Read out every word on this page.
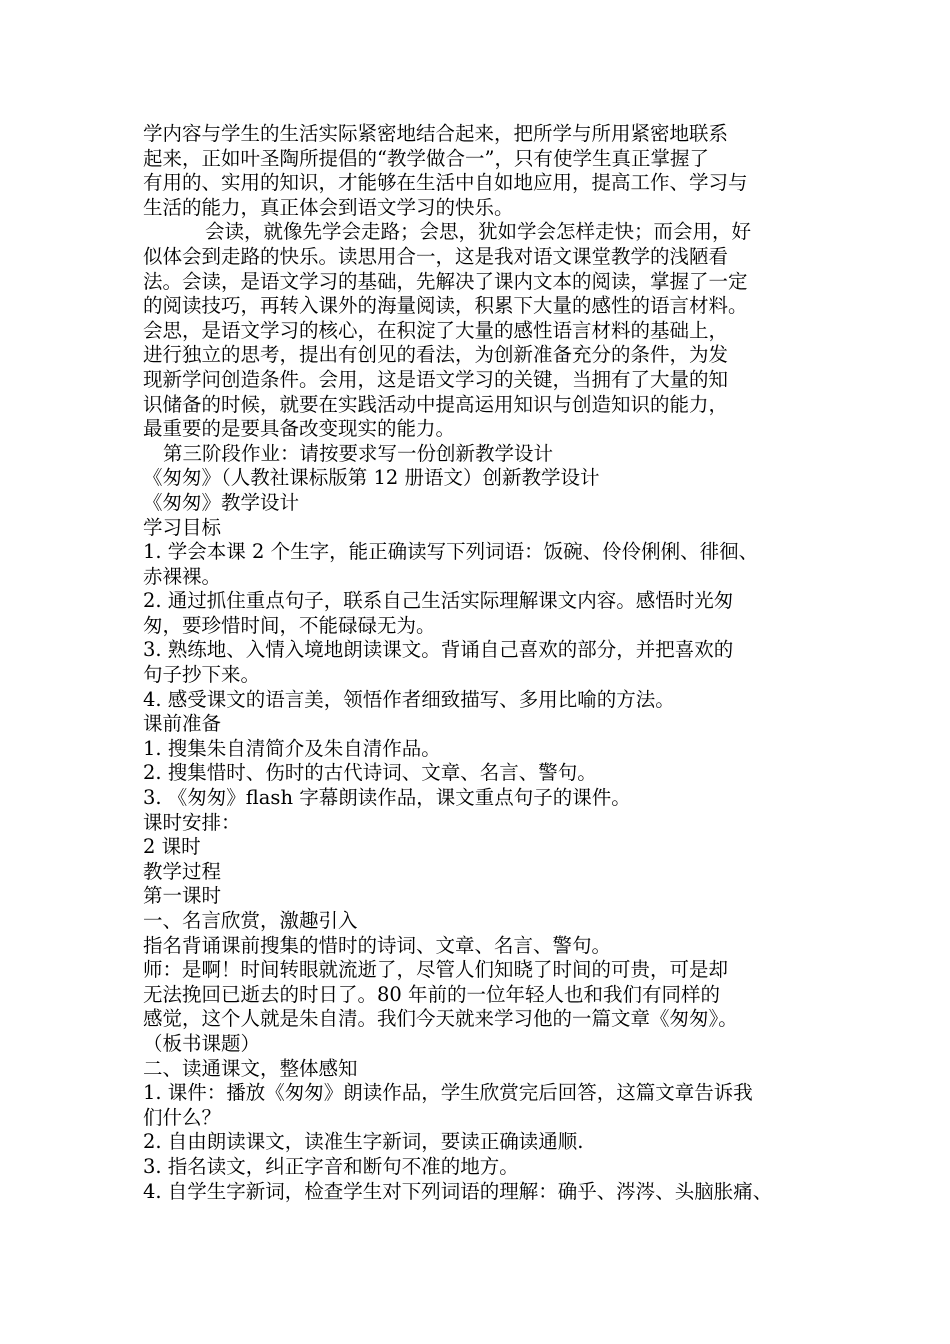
学内容与学生的生活实际紧密地结合起来，把所学与所用紧密地联系
起来，正如叶圣陶所提倡的“教学做合一”，只有使学生真正掌握了
有用的、实用的知识，才能够在生活中自如地应用，提高工作、学习与
生活的能力，真正体会到语文学习的快乐。
会读，就像先学会走路；会思，犹如学会怎样走快；而会用，好
似体会到走路的快乐。读思用合一，这是我对语文课堂教学的浅陋看
法。会读，是语文学习的基础，先解决了课内文本的阅读，掌握了一定
的阅读技巧，再转入课外的海量阅读，积累下大量的感性的语言材料。
会思，是语文学习的核心，在积淀了大量的感性语言材料的基础上，
进行独立的思考，提出有创见的看法，为创新准备充分的条件，为发
现新学问创造条件。会用，这是语文学习的关键，当拥有了大量的知
识储备的时候，就要在实践活动中提高运用知识与创造知识的能力，
最重要的是要具备改变现实的能力。
第三阶段作业：请按要求写一份创新教学设计
《匆匆》（人教社课标版第 12 册语文）创新教学设计
《匆匆》教学设计
学习目标
1. 学会本课 2 个生字，能正确读写下列词语：饭碗、伶伶俐俐、徘徊、
赤裸裸。
2. 通过抓住重点句子，联系自己生活实际理解课文内容。感悟时光匆
匆，要珍惜时间，不能碌碌无为。
3. 熟练地、入情入境地朗读课文。背诵自己喜欢的部分，并把喜欢的
句子抄下来。
4. 感受课文的语言美，领悟作者细致描写、多用比喻的方法。
课前准备
1. 搜集朱自清简介及朱自清作品。
2. 搜集惜时、伤时的古代诗词、文章、名言、警句。
3. 《匆匆》flash 字幕朗读作品，课文重点句子的课件。
课时安排：
2 课时
教学过程
第一课时
一、名言欣赏，激趣引入
指名背诵课前搜集的惜时的诗词、文章、名言、警句。
师：是啊！时间转眼就流逝了，尽管人们知晓了时间的可贵，可是却
无法挽回已逝去的时日了。80 年前的一位年轻人也和我们有同样的
感觉，这个人就是朱自清。我们今天就来学习他的一篇文章《匆匆》。
（板书课题）
二、读通课文，整体感知
1. 课件：播放《匆匆》朗读作品，学生欣赏完后回答，这篇文章告诉我
们什么？
2. 自由朗读课文，读准生字新词，要读正确读通顺.
3. 指名读文，纠正字音和断句不准的地方。
4. 自学生字新词，检查学生对下列词语的理解：确乎、涔涔、头脑胀痛、
